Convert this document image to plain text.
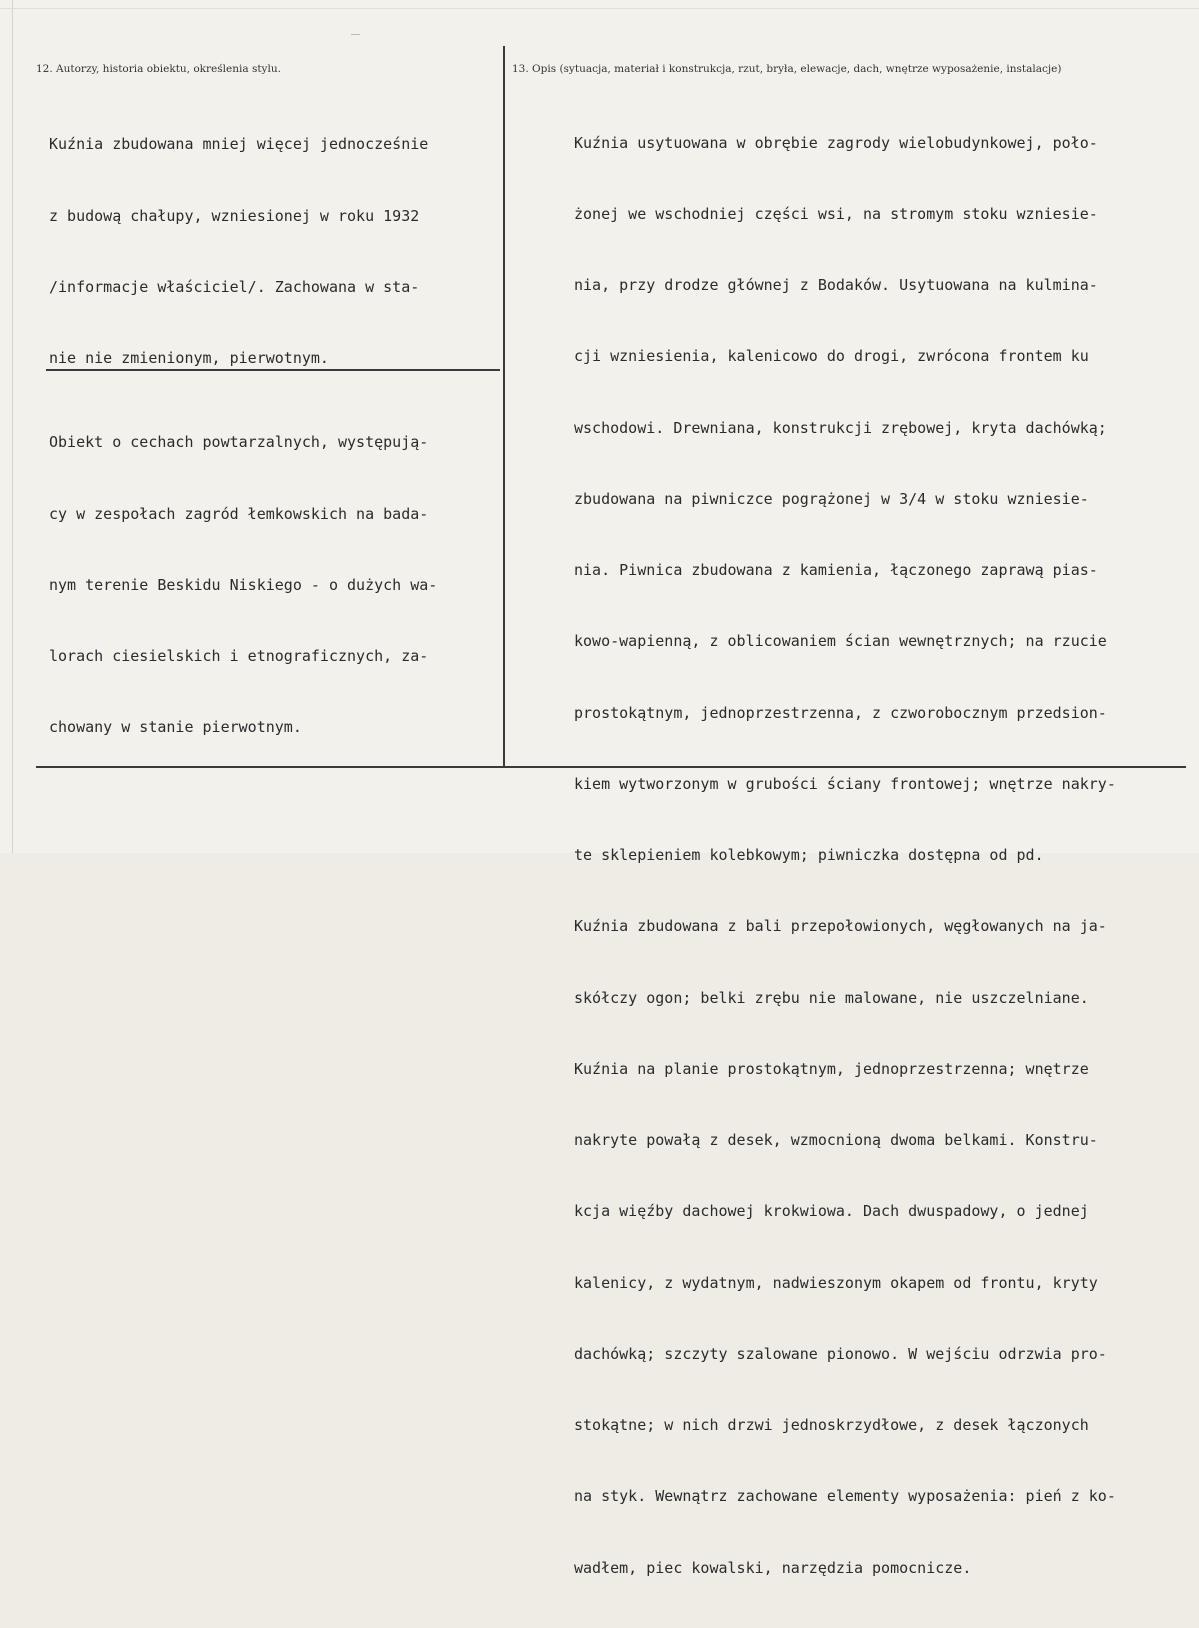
12. Autorzy, historia obiektu, określenia stylu.	13. Opis (sytuacja, materiał i konstrukcja, rzut, bryła, elewacje, dach, wnętrze wyposażenie, instalacje)

Kuźnia zbudowana mniej więcej jednocześnie

z budową chałupy, wzniesionej w roku 1932

/informacje właściciel/. Zachowana w sta-

nie nie zmienionym, pierwotnym.

Obiekt o cechach powtarzalnych, występują-

cy w zespołach zagród łemkowskich na bada-

nym terenie Beskidu Niskiego - o dużych wa-

lorach ciesielskich i etnograficznych, za-

chowany w stanie pierwotnym.

Kuźnia usytuowana w obrębie zagrody wielobudynkowej, poło-

żonej we wschodniej części wsi, na stromym stoku wzniesie-

nia, przy drodze głównej z Bodaków. Usytuowana na kulmina-

cji wzniesienia, kalenicowo do drogi, zwrócona frontem ku

wschodowi. Drewniana, konstrukcji zrębowej, kryta dachówką;

zbudowana na piwniczce pogrążonej w 3/4 w stoku wzniesie-

nia. Piwnica zbudowana z kamienia, łączonego zaprawą pias-

kowo-wapienną, z oblicowaniem ścian wewnętrznych; na rzucie

prostokątnym, jednoprzestrzenna, z czworobocznym przedsion-

kiem wytworzonym w grubości ściany frontowej; wnętrze nakry-

te sklepieniem kolebkowym; piwniczka dostępna od pd.

Kuźnia zbudowana z bali przepołowionych, węgłowanych na ja-

skółczy ogon; belki zrębu nie malowane, nie uszczelniane.

Kuźnia na planie prostokątnym, jednoprzestrzenna; wnętrze

nakryte powałą z desek, wzmocnioną dwoma belkami. Konstru-

kcja więźby dachowej krokwiowa. Dach dwuspadowy, o jednej

kalenicy, z wydatnym, nadwieszonym okapem od frontu, kryty

dachówką; szczyty szalowane pionowo. W wejściu odrzwia pro-

stokątne; w nich drzwi jednoskrzydłowe, z desek łączonych

na styk. Wewnątrz zachowane elementy wyposażenia: pień z ko-

wadłem, piec kowalski, narzędzia pomocnicze.
